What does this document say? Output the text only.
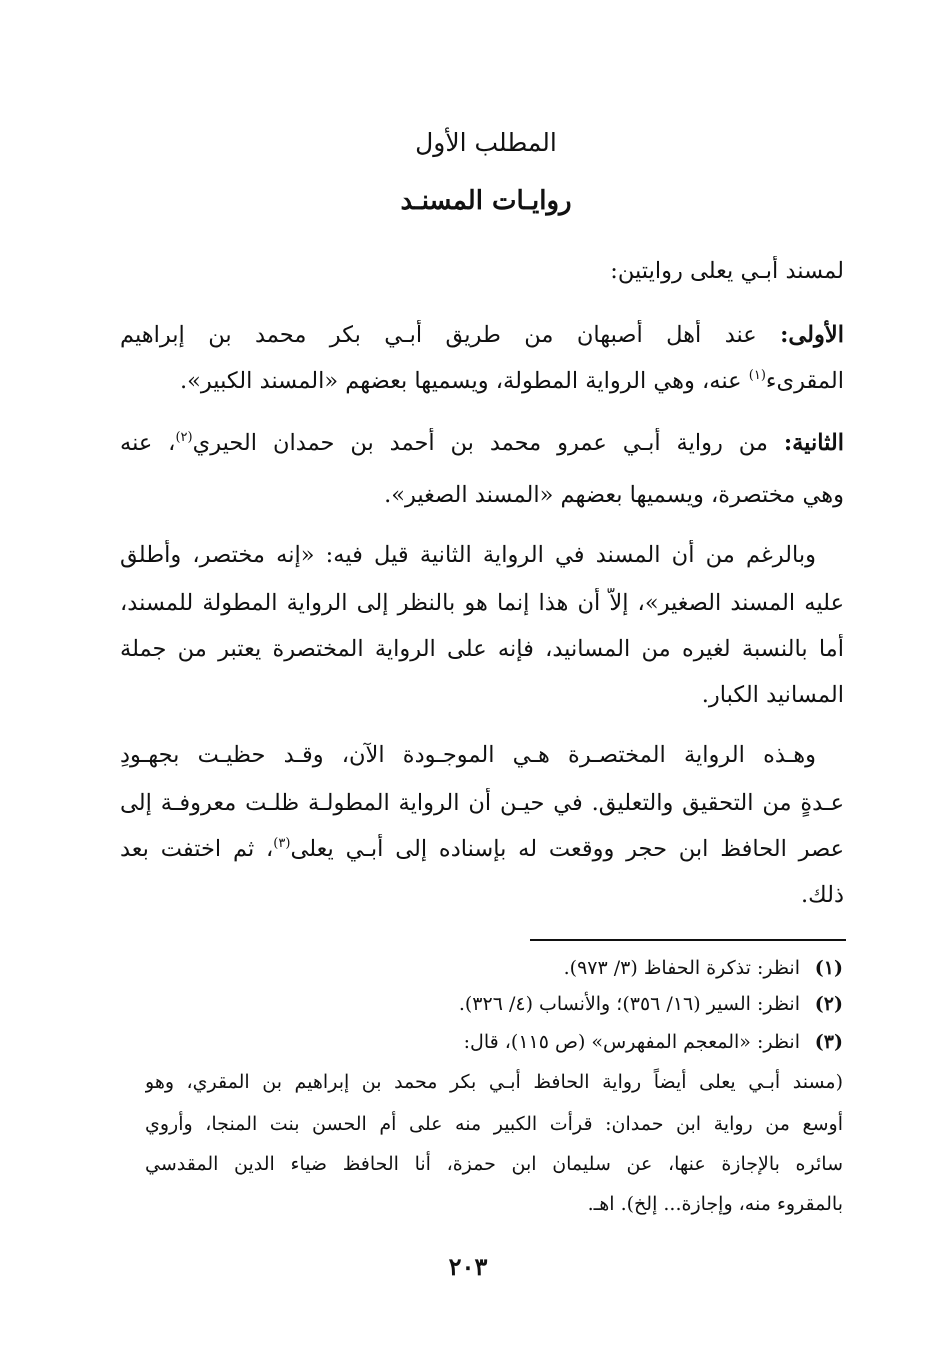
المطلب الأول
روايـات المسنـد
لمسند أبـي يعلى روايتين:
الأولى: عند أهل أصبهان من طريق أبـي بكر محمد بن إبراهيم
المقرىء$^{(١)}$ عنه، وهي الرواية المطولة، ويسميها بعضهم «المسند الكبير».
الثانية: من رواية أبـي عمرو محمد بن أحمد بن حمدان الحيري$^{(٢)}$، عنه
وهي مختصرة، ويسميها بعضهم «المسند الصغير».
وبالرغم من أن المسند في الرواية الثانية قيل فيه: «إنه مختصر، وأطلق
عليه المسند الصغير»، إلاَّ أن هذا إنما هو بالنظر إلى الرواية المطولة للمسند،
أما بالنسبة لغيره من المسانيد، فإنه على الرواية المختصرة يعتبر من جملة
المسانيد الكبار.
وهـذه الرواية المختصـرة هـي الموجـودة الآن، وقـد حظيـت بجهـودِ
عـدةٍ من التحقيق والتعليق. في حيـن أن الرواية المطولـة ظلـت معروفـة إلى
عصر الحافظ ابن حجر ووقعت له بإسناده إلى أبـي يعلى$^{(٣)}$، ثم اختفت بعد
ذلك.
(١)
انظر: تذكرة الحفاظ (٣/ ٩٧٣).
(٢)
انظر: السير (١٦/ ٣٥٦)؛ والأنساب (٤/ ٣٢٦).
(٣)
انظر: «المعجم المفهرس» (ص ١١٥)، قال:
(مسند أبـي يعلى أيضاً رواية الحافظ أبـي بكر محمد بن إبراهيم بن المقري، وهو
أوسع من رواية ابن حمدان: قرأت الكبير منه على أم الحسن بنت المنجا، وأروي
سائره بالإجازة عنها، عن سليمان ابن حمزة، أنا الحافظ ضياء الدين المقدسي
بالمقروء منه، وإجازة... إلخ). اهـ.
٢٠٣
